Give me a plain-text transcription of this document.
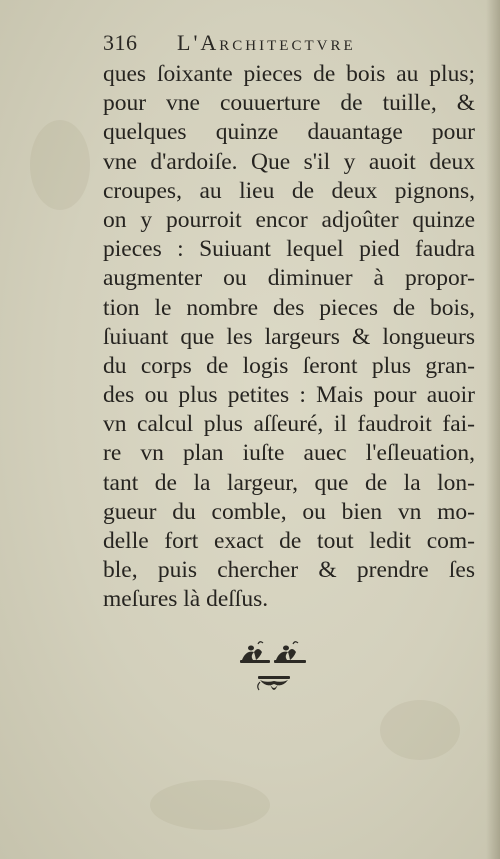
316 L'Architectvre
ques ſoixante pieces de bois au plus;
pour vne couuerture de tuille, &
quelques quinze dauantage pour
vne d'ardoiſe. Que s'il y auoit deux
croupes, au lieu de deux pignons,
on y pourroit encor adjoûter quinze
pieces : Suiuant lequel pied faudra
augmenter ou diminuer à propor-
tion le nombre des pieces de bois,
ſuiuant que les largeurs & longueurs
du corps de logis ſeront plus gran-
des ou plus petites : Mais pour auoir
vn calcul plus aſſeuré, il faudroit fai-
re vn plan iuſte auec l'eſleuation,
tant de la largeur, que de la lon-
gueur du comble, ou bien vn mo-
delle fort exact de tout ledit com-
ble, puis chercher & prendre ſes
meſures là deſſus.
